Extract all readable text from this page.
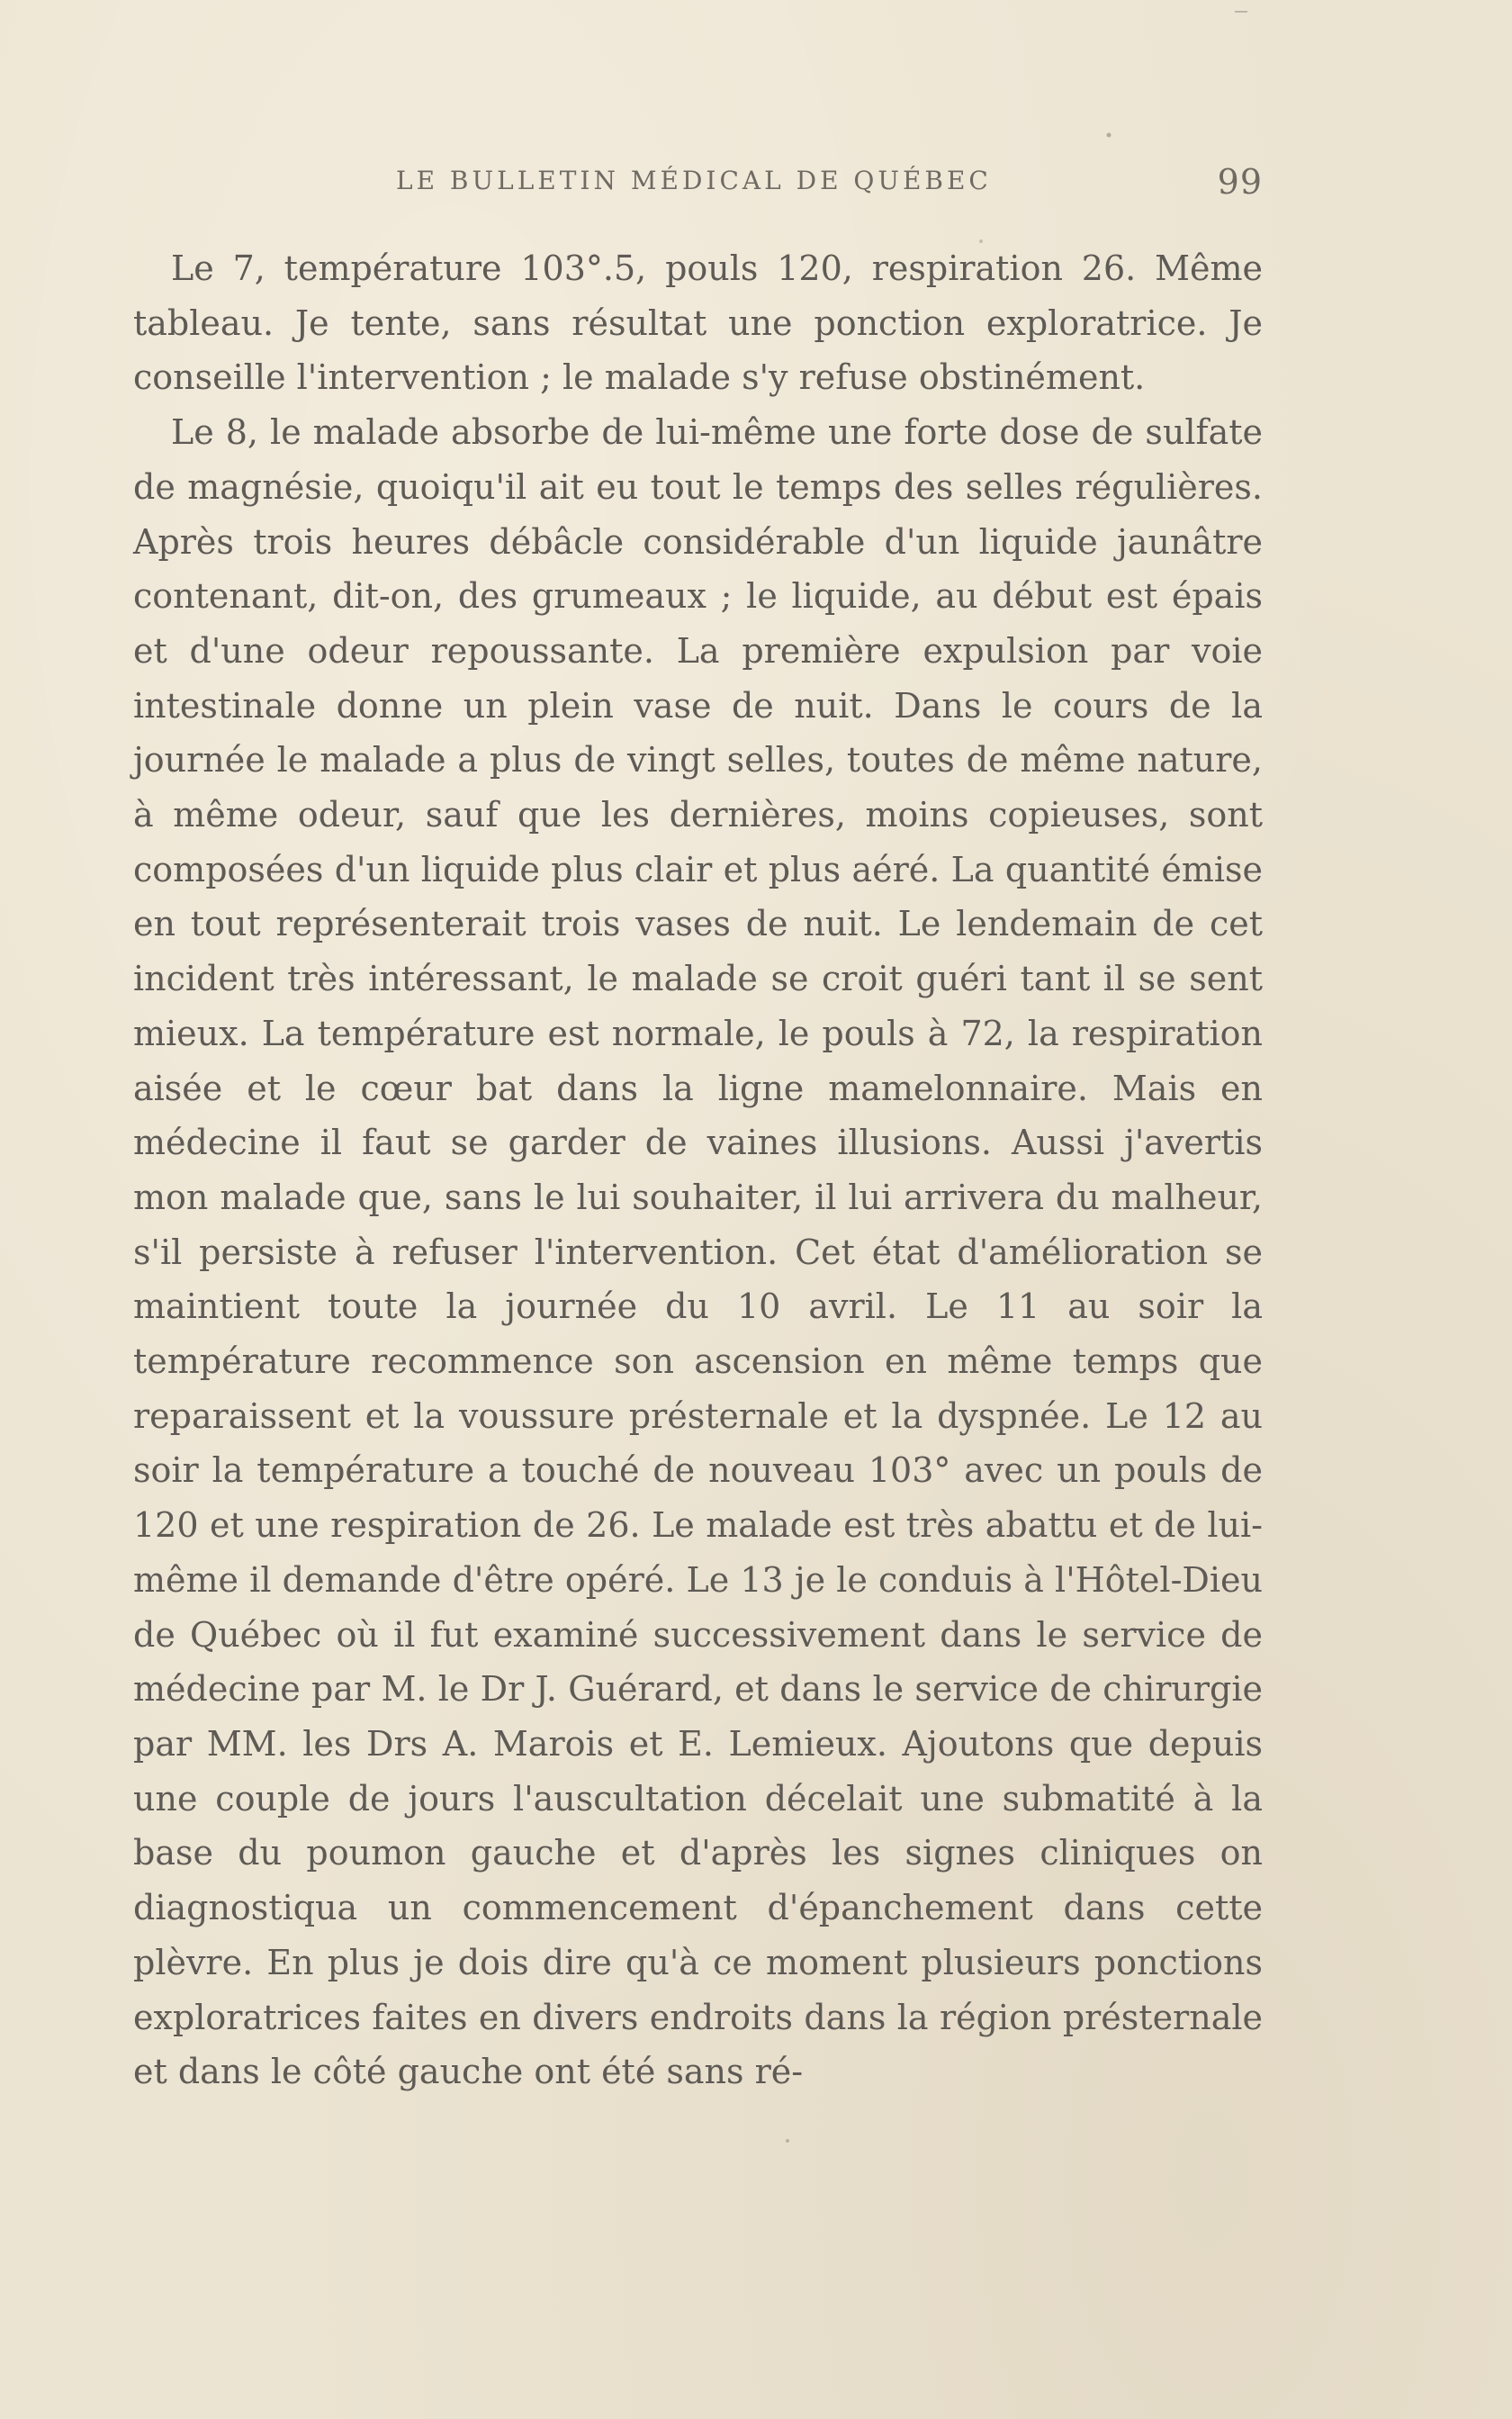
LE BULLETIN MÉDICAL DE QUÉBEC	99

Le 7, température 103°.5, pouls 120, respiration 26. Même tableau. Je tente, sans résultat une ponction exploratrice. Je conseille l'intervention ; le malade s'y refuse obstinément.

Le 8, le malade absorbe de lui-même une forte dose de sulfate de magnésie, quoiqu'il ait eu tout le temps des selles régulières. Après trois heures débâcle considérable d'un liquide jaunâtre contenant, dit-on, des grumeaux ; le liquide, au début est épais et d'une odeur repoussante. La première expulsion par voie intestinale donne un plein vase de nuit. Dans le cours de la journée le malade a plus de vingt selles, toutes de même nature, à même odeur, sauf que les dernières, moins copieuses, sont composées d'un liquide plus clair et plus aéré. La quantité émise en tout représenterait trois vases de nuit. Le lendemain de cet incident très intéressant, le malade se croit guéri tant il se sent mieux. La température est normale, le pouls à 72, la respiration aisée et le cœur bat dans la ligne mamelonnaire. Mais en médecine il faut se garder de vaines illusions. Aussi j'avertis mon malade que, sans le lui souhaiter, il lui arrivera du malheur, s'il persiste à refuser l'intervention. Cet état d'amélioration se maintient toute la journée du 10 avril. Le 11 au soir la température recommence son ascension en même temps que reparaissent et la voussure présternale et la dyspnée. Le 12 au soir la température a touché de nouveau 103° avec un pouls de 120 et une respiration de 26. Le malade est très abattu et de lui-même il demande d'être opéré. Le 13 je le conduis à l'Hôtel-Dieu de Québec où il fut examiné successivement dans le service de médecine par M. le Dr J. Guérard, et dans le service de chirurgie par MM. les Drs A. Marois et E. Lemieux. Ajoutons que depuis une couple de jours l'auscultation décelait une submatité à la base du poumon gauche et d'après les signes cliniques on diagnostiqua un commencement d'épanchement dans cette plèvre. En plus je dois dire qu'à ce moment plusieurs ponctions exploratrices faites en divers endroits dans la région présternale et dans le côté gauche ont été sans ré-
